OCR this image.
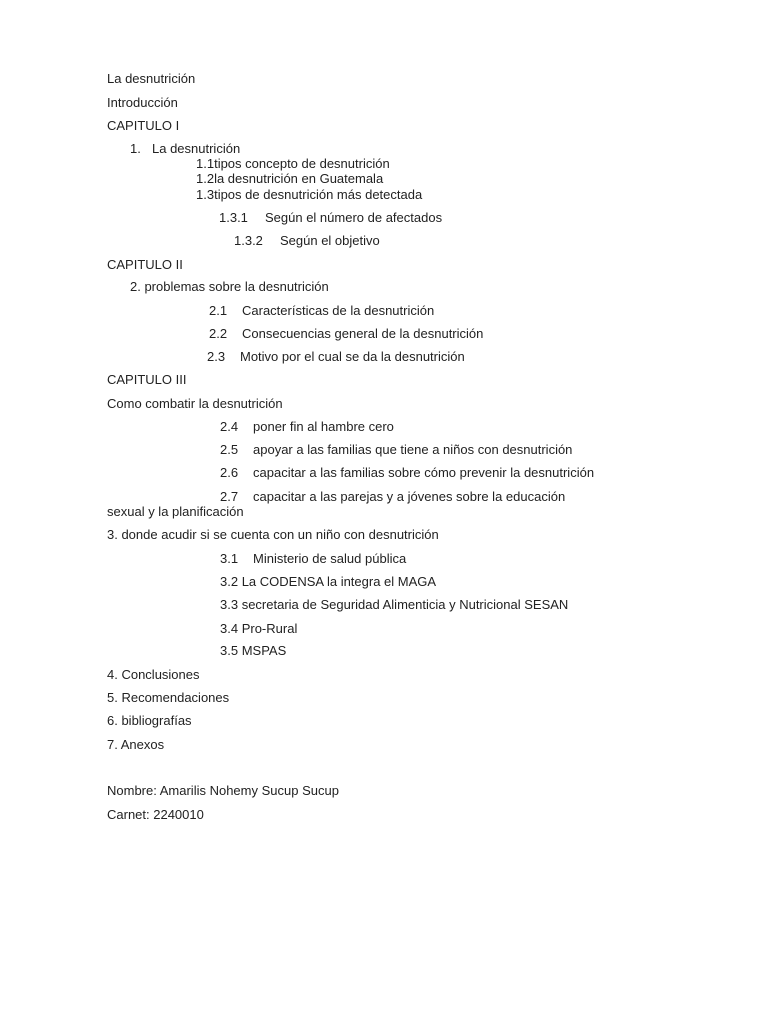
La desnutrición
Introducción
CAPITULO I
1. La desnutrición
1.1tipos concepto de desnutrición
1.2la desnutrición en Guatemala
1.3tipos de desnutrición más detectada
1.3.1 Según el número de afectados
1.3.2 Según el objetivo
CAPITULO II
2. problemas sobre la desnutrición
2.1 Características de la desnutrición
2.2 Consecuencias general de la desnutrición
2.3 Motivo por el cual se da la desnutrición
CAPITULO III
Como combatir la desnutrición
2.4 poner fin al hambre cero
2.5 apoyar a las familias que tiene a niños con desnutrición
2.6 capacitar a las familias sobre cómo prevenir la desnutrición
2.7 capacitar a las parejas y a jóvenes sobre la educación
sexual y la planificación
3. donde acudir si se cuenta con un niño con desnutrición
3.1 Ministerio de salud pública
3.2 La CODENSA la integra el MAGA
3.3 secretaria de Seguridad Alimenticia y Nutricional SESAN
3.4 Pro-Rural
3.5 MSPAS
4. Conclusiones
5. Recomendaciones
6. bibliografías
7. Anexos
Nombre: Amarilis Nohemy Sucup Sucup
Carnet: 2240010
